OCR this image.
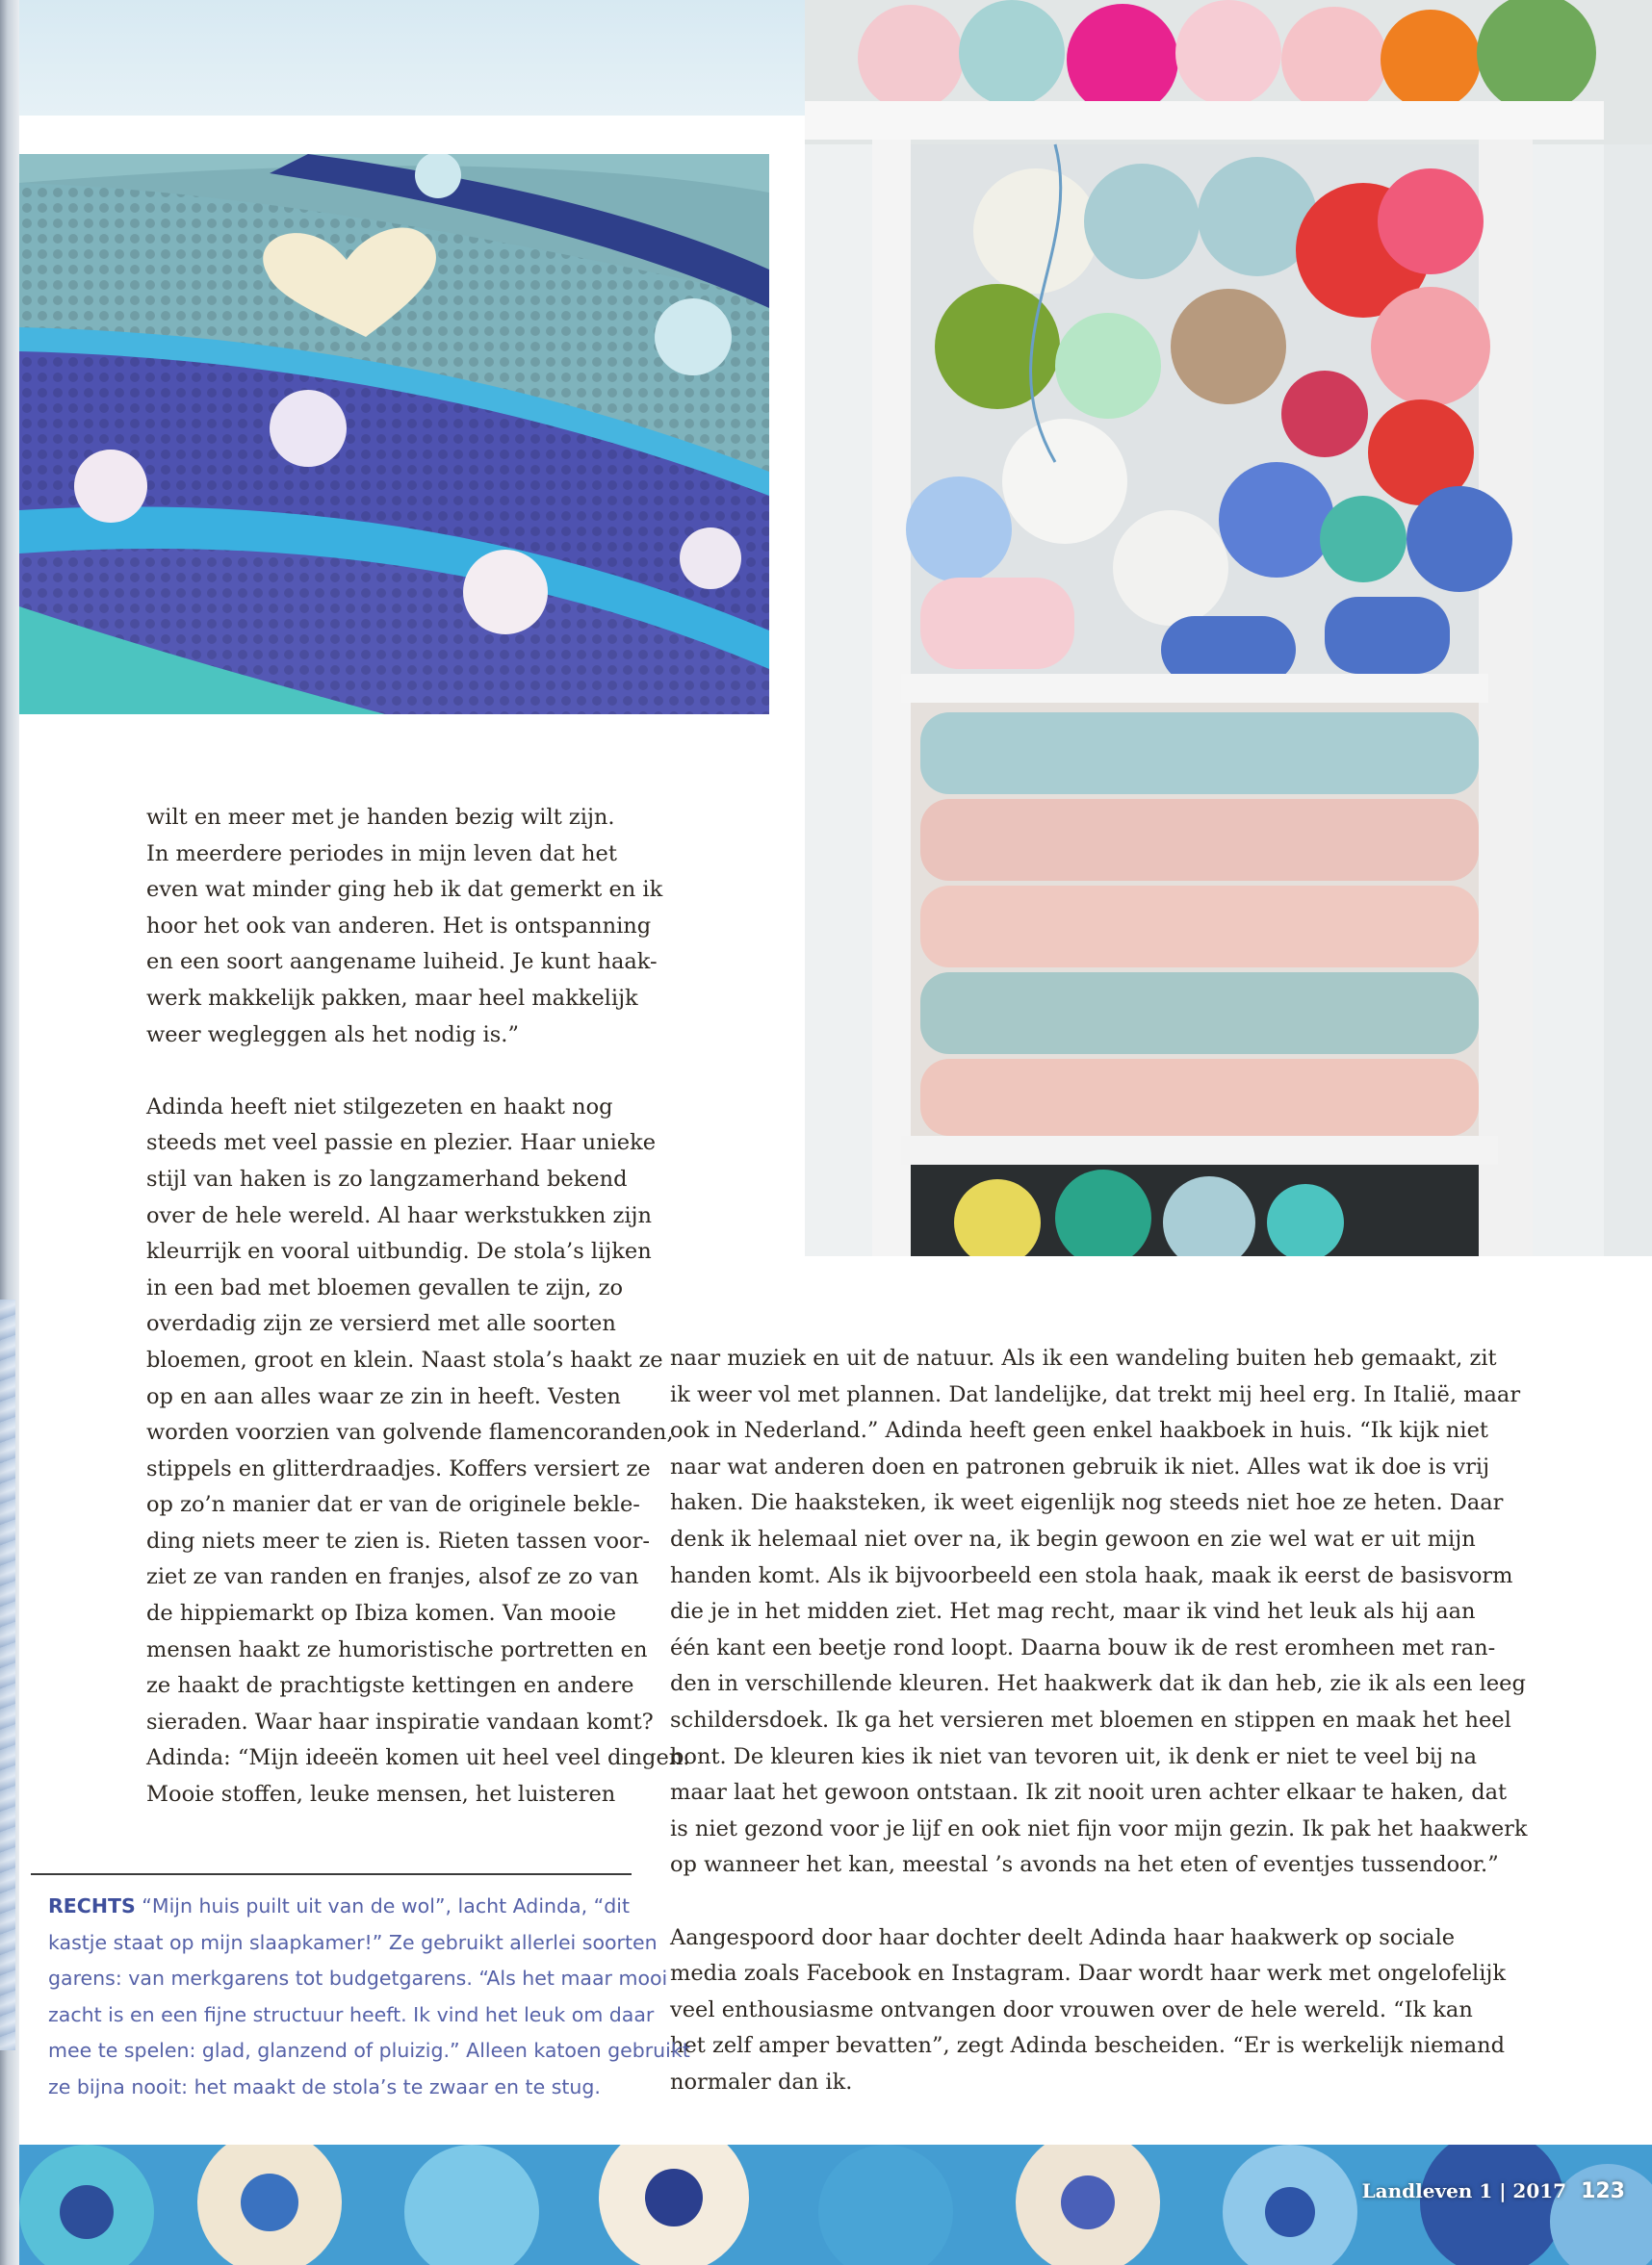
wilt en meer met je handen bezig wilt zijn.
In meerdere periodes in mijn leven dat het
even wat minder ging heb ik dat gemerkt en ik
hoor het ook van anderen. Het is ontspanning
en een soort aangename luiheid. Je kunt haak-
werk makkelijk pakken, maar heel makkelijk
weer wegleggen als het nodig is.”
Adinda heeft niet stilgezeten en haakt nog
steeds met veel passie en plezier. Haar unieke
stijl van haken is zo langzamerhand bekend
over de hele wereld. Al haar werkstukken zijn
kleurrijk en vooral uitbundig. De stola’s lijken
in een bad met bloemen gevallen te zijn, zo
overdadig zijn ze versierd met alle soorten
bloemen, groot en klein. Naast stola’s haakt ze
op en aan alles waar ze zin in heeft. Vesten
worden voorzien van golvende flamencoranden,
stippels en glitterdraadjes. Koffers versiert ze
op zo’n manier dat er van de originele bekle-
ding niets meer te zien is. Rieten tassen voor-
ziet ze van randen en franjes, alsof ze zo van
de hippiemarkt op Ibiza komen. Van mooie
mensen haakt ze humoristische portretten en
ze haakt de prachtigste kettingen en andere
sieraden. Waar haar inspiratie vandaan komt?
Adinda: “Mijn ideeën komen uit heel veel dingen.
Mooie stoffen, leuke mensen, het luisteren
naar muziek en uit de natuur. Als ik een wandeling buiten heb gemaakt, zit
ik weer vol met plannen. Dat landelijke, dat trekt mij heel erg. In Italië, maar
ook in Nederland.” Adinda heeft geen enkel haakboek in huis. “Ik kijk niet
naar wat anderen doen en patronen gebruik ik niet. Alles wat ik doe is vrij
haken. Die haaksteken, ik weet eigenlijk nog steeds niet hoe ze heten. Daar
denk ik helemaal niet over na, ik begin gewoon en zie wel wat er uit mijn
handen komt. Als ik bijvoorbeeld een stola haak, maak ik eerst de basisvorm
die je in het midden ziet. Het mag recht, maar ik vind het leuk als hij aan
één kant een beetje rond loopt. Daarna bouw ik de rest eromheen met ran-
den in verschillende kleuren. Het haakwerk dat ik dan heb, zie ik als een leeg
schildersdoek. Ik ga het versieren met bloemen en stippen en maak het heel
bont. De kleuren kies ik niet van tevoren uit, ik denk er niet te veel bij na
maar laat het gewoon ontstaan. Ik zit nooit uren achter elkaar te haken, dat
is niet gezond voor je lijf en ook niet fijn voor mijn gezin. Ik pak het haakwerk
op wanneer het kan, meestal ’s avonds na het eten of eventjes tussendoor.”
Aangespoord door haar dochter deelt Adinda haar haakwerk op sociale
media zoals Facebook en Instagram. Daar wordt haar werk met ongelofelijk
veel enthousiasme ontvangen door vrouwen over de hele wereld. “Ik kan
het zelf amper bevatten”, zegt Adinda bescheiden. “Er is werkelijk niemand
normaler dan ik.
RECHTS “Mijn huis puilt uit van de wol”, lacht Adinda, “dit
kastje staat op mijn slaapkamer!” Ze gebruikt allerlei soorten
garens: van merkgarens tot budgetgarens. “Als het maar mooi
zacht is en een fijne structuur heeft. Ik vind het leuk om daar
mee te spelen: glad, glanzend of pluizig.” Alleen katoen gebruikt
ze bijna nooit: het maakt de stola’s te zwaar en te stug.
Landleven 1 | 2017 123
